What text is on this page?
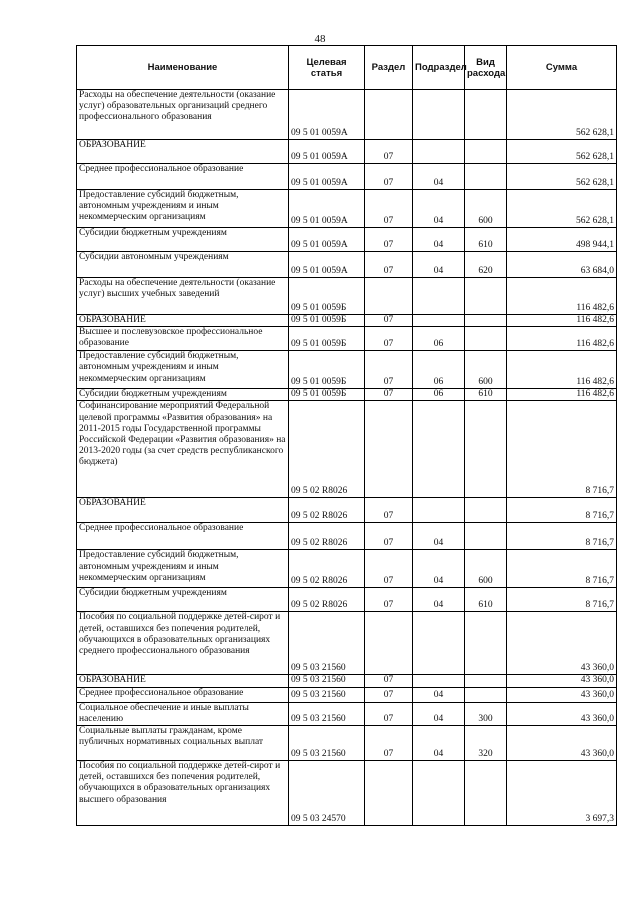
48
Наименование	Целевая статья	Раздел	Подраздел	Вид расхода	Сумма
Расходы на обеспечение деятельности (оказание услуг) образовательных организаций среднего профессионального образования	09 5 01 0059А				562 628,1
ОБРАЗОВАНИЕ	09 5 01 0059А	07			562 628,1
Среднее профессиональное образование	09 5 01 0059А	07	04		562 628,1
Предоставление субсидий бюджетным, автономным учреждениям и иным некоммерческим организациям	09 5 01 0059А	07	04	600	562 628,1
Субсидии бюджетным учреждениям	09 5 01 0059А	07	04	610	498 944,1
Субсидии автономным учреждениям	09 5 01 0059А	07	04	620	63 684,0
Расходы на обеспечение деятельности (оказание услуг) высших учебных заведений	09 5 01 0059Б				116 482,6
ОБРАЗОВАНИЕ	09 5 01 0059Б	07			116 482,6
Высшее и послевузовское профессиональное образование	09 5 01 0059Б	07	06		116 482,6
Предоставление субсидий бюджетным, автономным учреждениям и иным некоммерческим организациям	09 5 01 0059Б	07	06	600	116 482,6
Субсидии бюджетным учреждениям	09 5 01 0059Б	07	06	610	116 482,6
Софинансирование мероприятий Федеральной целевой программы «Развития образования» на 2011-2015 годы Государственной программы Российской Федерации «Развития образования» на 2013-2020 годы (за счет средств республиканского бюджета)	09 5 02 R8026				8 716,7
ОБРАЗОВАНИЕ	09 5 02 R8026	07			8 716,7
Среднее профессиональное образование	09 5 02 R8026	07	04		8 716,7
Предоставление субсидий бюджетным, автономным учреждениям и иным некоммерческим организациям	09 5 02 R8026	07	04	600	8 716,7
Субсидии бюджетным учреждениям	09 5 02 R8026	07	04	610	8 716,7
Пособия по социальной поддержке детей-сирот и детей, оставшихся без попечения родителей, обучающихся в образовательных организациях среднего профессионального образования	09 5 03 21560				43 360,0
ОБРАЗОВАНИЕ	09 5 03 21560	07			43 360,0
Среднее профессиональное образование	09 5 03 21560	07	04		43 360,0
Социальное обеспечение и иные выплаты населению	09 5 03 21560	07	04	300	43 360,0
Социальные выплаты гражданам, кроме публичных нормативных социальных выплат	09 5 03 21560	07	04	320	43 360,0
Пособия по социальной поддержке детей-сирот и детей, оставшихся без попечения родителей, обучающихся в образовательных организациях высшего образования	09 5 03 24570				3 697,3
